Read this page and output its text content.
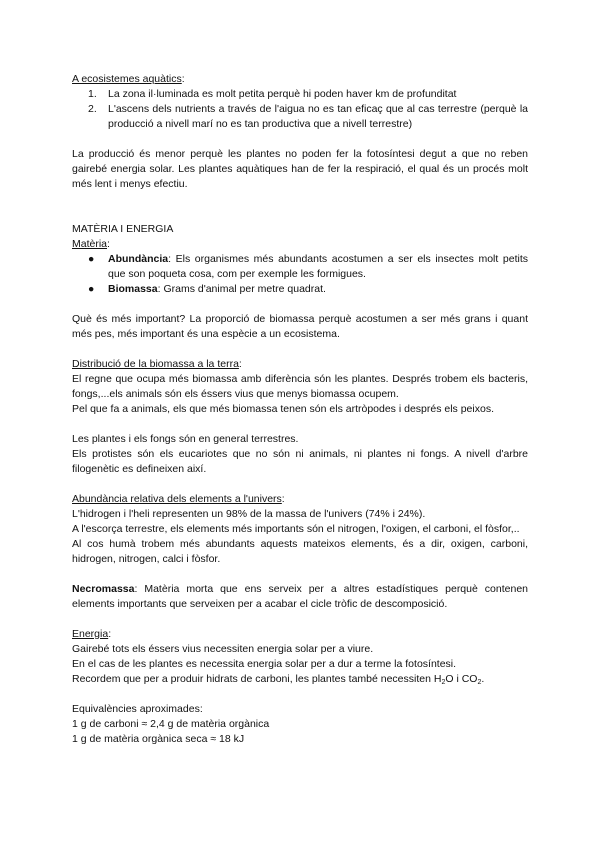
A ecosistemes aquàtics:

1. La zona il·luminada es molt petita perquè hi poden haver km de profunditat
2. L'ascens dels nutrients a través de l'aigua no es tan eficaç que al cas terrestre (perquè la producció a nivell marí no es tan productiva que a nivell terrestre)

La producció és menor perquè les plantes no poden fer la fotosíntesi degut a que no reben gairebé energia solar. Les plantes aquàtiques han de fer la respiració, el qual és un procés molt més lent i menys efectiu.

MATÈRIA I ENERGIA

Matèria:

● Abundància: Els organismes més abundants acostumen a ser els insectes molt petits que son poqueta cosa, com per exemple les formigues.
● Biomassa: Grams d'animal per metre quadrat.

Què és més important? La proporció de biomassa perquè acostumen a ser més grans i quant més pes, més important és una espècie a un ecosistema.

Distribució de la biomassa a la terra:

El regne que ocupa més biomassa amb diferència són les plantes. Després trobem els bacteris, fongs,...els animals són els éssers vius que menys biomassa ocupem.

Pel que fa a animals, els que més biomassa tenen són els artròpodes i després els peixos.

Les plantes i els fongs són en general terrestres.

Els protistes són els eucariotes que no són ni animals, ni plantes ni fongs. A nivell d'arbre filogenètic es defineixen així.

Abundància relativa dels elements a l'univers:

L'hidrogen i l'heli representen un 98% de la massa de l'univers (74% i 24%).

A l'escorça terrestre, els elements més importants són el nitrogen, l'oxigen, el carboni, el fòsfor,..

Al cos humà trobem més abundants aquests mateixos elements, és a dir, oxigen, carboni, hidrogen, nitrogen, calci i fòsfor.

Necromassa: Matèria morta que ens serveix per a altres estadístiques perquè contenen elements importants que serveixen per a acabar el cicle tròfic de descomposició.

Energia:

Gairebé tots els éssers vius necessiten energia solar per a viure.

En el cas de les plantes es necessita energia solar per a dur a terme la fotosíntesi.

Recordem que per a produir hidrats de carboni, les plantes també necessiten $H_2O$ i $CO_2$.

Equivalències aproximades:

1 g de carboni ≈ 2,4 g de matèria orgànica

1 g de matèria orgànica seca ≈ 18 kJ
